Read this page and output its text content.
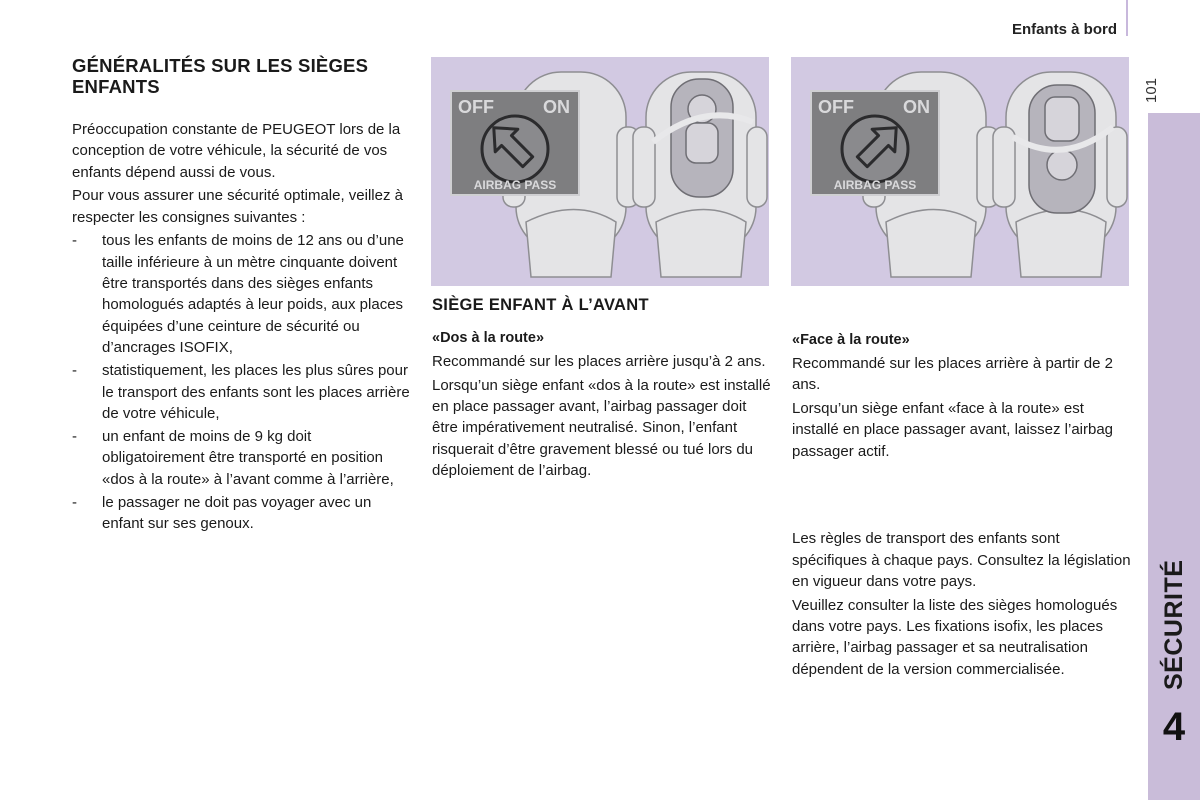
Enfants à bord
101
SÉCURITÉ
4
GÉNÉRALITÉS SUR LES SIÈGES ENFANTS

Préoccupation constante de PEUGEOT lors de la conception de votre véhicule, la sécurité de vos enfants dépend aussi de vous.

Pour vous assurer une sécurité optimale, veillez à respecter les consignes suivantes :

- tous les enfants de moins de 12 ans ou d’une taille inférieure à un mètre cinquante doivent être transportés dans des sièges enfants homologués adaptés à leur poids, aux places équipées d’une ceinture de sécurité ou d’ancrages ISOFIX,
- statistiquement, les places les plus sûres pour le transport des enfants sont les places arrière de votre véhicule,
- un enfant de moins de 9 kg doit obligatoirement être transporté en position «dos à la route» à l’avant comme à l’arrière,
- le passager ne doit pas voyager avec un enfant sur ses genoux.
OFF	ON
AIRBAG PASS
OFF	ON
AIRBAG PASS
SIÈGE ENFANT À L’AVANT
«Dos à la route»

Recommandé sur les places arrière jusqu’à 2 ans.

Lorsqu’un siège enfant «dos à la route» est installé en place passager avant, l’airbag passager doit être impérativement neutralisé. Sinon, l’enfant risquerait d’être gravement blessé ou tué lors du déploiement de l’airbag.

«Face à la route»

Recommandé sur les places arrière à partir de 2 ans.

Lorsqu’un siège enfant «face à la route» est installé en place passager avant, laissez l’airbag passager actif.

Les règles de transport des enfants sont spécifiques à chaque pays. Consultez la législation en vigueur dans votre pays.

Veuillez consulter la liste des sièges homologués dans votre pays. Les fixations isofix, les places arrière, l’airbag passager et sa neutralisation dépendent de la version commercialisée.
